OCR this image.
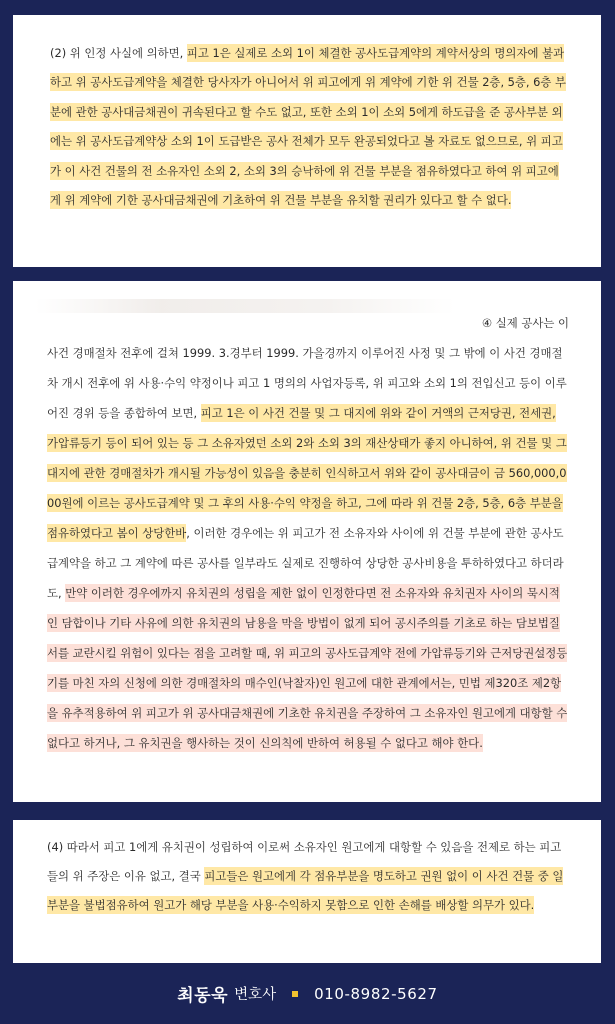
(2) 위 인정 사실에 의하면, 피고 1은 실제로 소외 1이 체결한 공사도급계약의 계약서상의 명의자에 불과하고 위 공사도급계약을 체결한 당사자가 아니어서 위 피고에게 위 계약에 기한 위 건물 2층, 5층, 6층 부분에 관한 공사대금채권이 귀속된다고 할 수도 없고, 또한 소외 1이 소외 5에게 하도급을 준 공사부분 외에는 위 공사도급계약상 소외 1이 도급받은 공사 전체가 모두 완공되었다고 볼 자료도 없으므로, 위 피고가 이 사건 건물의 전 소유자인 소외 2, 소외 3의 승낙하에 위 건물 부분을 점유하였다고 하여 위 피고에게 위 계약에 기한 공사대금채권에 기초하여 위 건물 부분을 유치할 권리가 있다고 할 수 없다.

④ 실제 공사는 이

사건 경매절차 전후에 걸쳐 1999. 3.경부터 1999. 가을경까지 이루어진 사정 및 그 밖에 이 사건 경매절차 개시 전후에 위 사용·수익 약정이나 피고 1 명의의 사업자등록, 위 피고와 소외 1의 전입신고 등이 이루어진 경위 등을 종합하여 보면, 피고 1은 이 사건 건물 및 그 대지에 위와 같이 거액의 근저당권, 전세권, 가압류등기 등이 되어 있는 등 그 소유자였던 소외 2와 소외 3의 재산상태가 좋지 아니하여, 위 건물 및 그 대지에 관한 경매절차가 개시될 가능성이 있음을 충분히 인식하고서 위와 같이 공사대금이 금 560,000,000원에 이르는 공사도급계약 및 그 후의 사용·수익 약정을 하고, 그에 따라 위 건물 2층, 5층, 6층 부분을 점유하였다고 봄이 상당한바, 이러한 경우에는 위 피고가 전 소유자와 사이에 위 건물 부분에 관한 공사도급계약을 하고 그 계약에 따른 공사를 일부라도 실제로 진행하여 상당한 공사비용을 투하하였다고 하더라도, 만약 이러한 경우에까지 유치권의 성립을 제한 없이 인정한다면 전 소유자와 유치권자 사이의 묵시적인 담합이나 기타 사유에 의한 유치권의 남용을 막을 방법이 없게 되어 공시주의를 기초로 하는 담보법질서를 교란시킬 위험이 있다는 점을 고려할 때, 위 피고의 공사도급계약 전에 가압류등기와 근저당권설정등기를 마친 자의 신청에 의한 경매절차의 매수인(낙찰자)인 원고에 대한 관계에서는, 민법 제320조 제2항을 유추적용하여 위 피고가 위 공사대금채권에 기초한 유치권을 주장하여 그 소유자인 원고에게 대항할 수 없다고 하거나, 그 유치권을 행사하는 것이 신의칙에 반하여 허용될 수 없다고 해야 한다.

(4) 따라서 피고 1에게 유치권이 성립하여 이로써 소유자인 원고에게 대항할 수 있음을 전제로 하는 피고들의 위 주장은 이유 없고, 결국 피고들은 원고에게 각 점유부분을 명도하고 권원 없이 이 사건 건물 중 일부분을 불법점유하여 원고가 해당 부분을 사용·수익하지 못함으로 인한 손해를 배상할 의무가 있다.

최동욱 변호사	010-8982-5627
